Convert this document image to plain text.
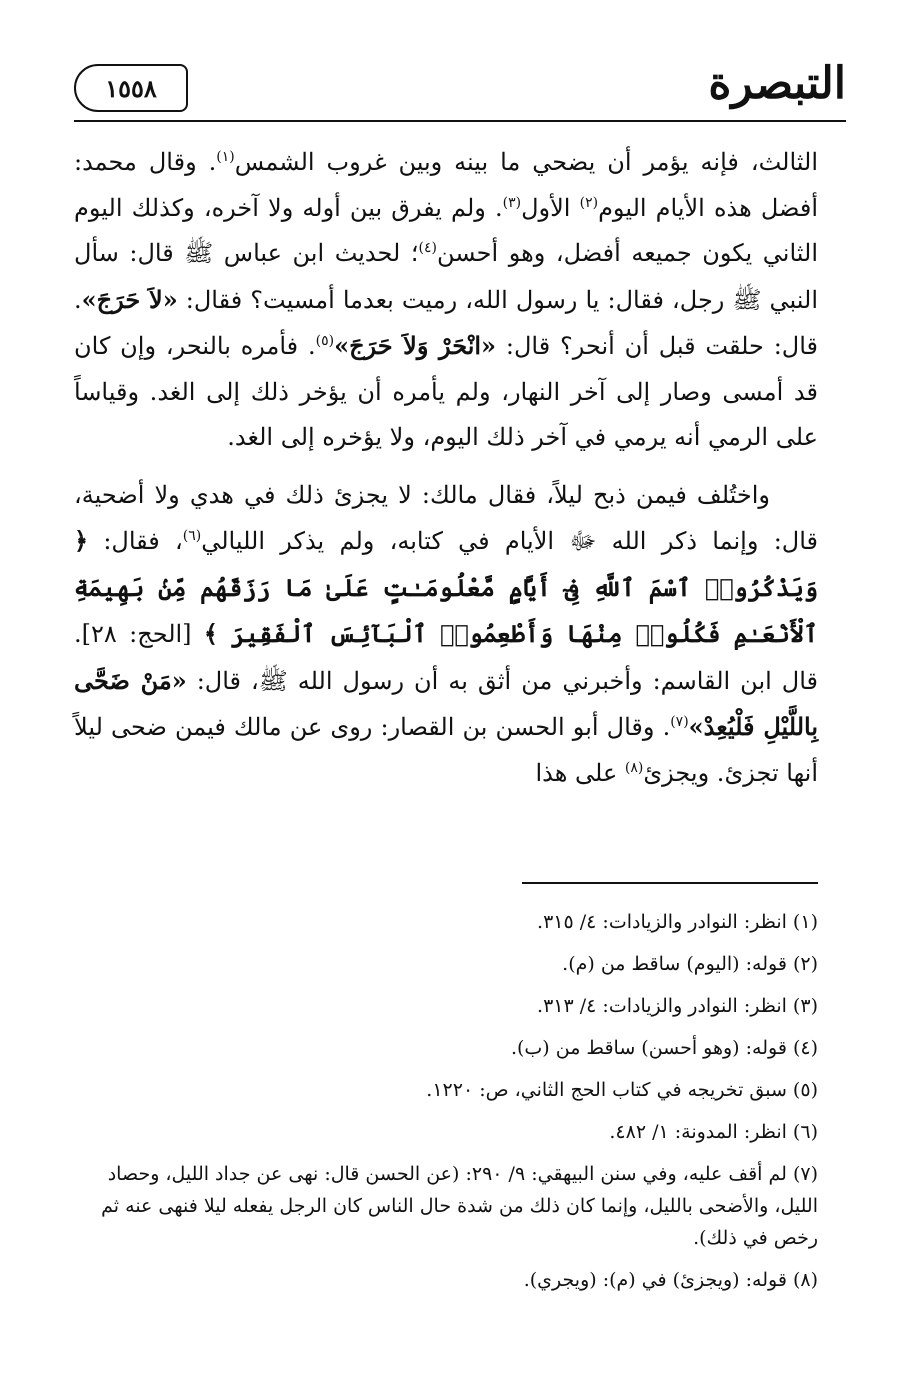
١٥٥٨	التبصرة

الثالث، فإنه يؤمر أن يضحي ما بينه وبين غروب الشمس$^{(١)}$. وقال محمد: أفضل هذه الأيام اليوم$^{(٢)}$ الأول$^{(٣)}$. ولم يفرق بين أوله ولا آخره، وكذلك اليوم الثاني يكون جميعه أفضل، وهو أحسن$^{(٤)}$؛ لحديث ابن عباس ﷺ قال: سأل النبي ﷺ رجل، فقال: يا رسول الله، رميت بعدما أمسيت؟ فقال: «لاَ حَرَجَ». قال: حلقت قبل أن أنحر؟ قال: «انْحَرْ وَلاَ حَرَجَ»$^{(٥)}$. فأمره بالنحر، وإن كان قد أمسى وصار إلى آخر النهار، ولم يأمره أن يؤخر ذلك إلى الغد. وقياساً على الرمي أنه يرمي في آخر ذلك اليوم، ولا يؤخره إلى الغد.

واختُلف فيمن ذبح ليلاً، فقال مالك: لا يجزئ ذلك في هدي ولا أضحية، قال: وإنما ذكر الله ﷻ الأيام في كتابه، ولم يذكر الليالي$^{(٦)}$، فقال: ﴿ وَيَذْكُرُوا۟ ٱسْمَ ٱللَّهِ فِىٓ أَيَّامٍ مَّعْلُومَـٰتٍ عَلَىٰ مَا رَزَقَهُم مِّنۢ بَهِيمَةِ ٱلْأَنْعَـٰمِ فَكُلُوا۟ مِنْهَا وَأَطْعِمُوا۟ ٱلْبَآئِسَ ٱلْفَقِيرَ ﴾ [الحج: ٢٨]. قال ابن القاسم: وأخبرني من أثق به أن رسول الله ﷺ، قال: «مَنْ ضَحَّى بِاللَّيْلِ فَلْيُعِدْ»$^{(٧)}$. وقال أبو الحسن بن القصار: روى عن مالك فيمن ضحى ليلاً أنها تجزئ. ويجزئ$^{(٨)}$ على هذا

(١) انظر: النوادر والزيادات: ٤/ ٣١٥.

(٢) قوله: (اليوم) ساقط من (م).

(٣) انظر: النوادر والزيادات: ٤/ ٣١٣.

(٤) قوله: (وهو أحسن) ساقط من (ب).

(٥) سبق تخريجه في كتاب الحج الثاني، ص: ١٢٢٠.

(٦) انظر: المدونة: ١/ ٤٨٢.

(٧) لم أقف عليه، وفي سنن البيهقي: ٩/ ٢٩٠: (عن الحسن قال: نهى عن جداد الليل، وحصاد الليل، والأضحى بالليل، وإنما كان ذلك من شدة حال الناس كان الرجل يفعله ليلا فنهى عنه ثم رخص في ذلك).

(٨) قوله: (ويجزئ) في (م): (ويجري).
